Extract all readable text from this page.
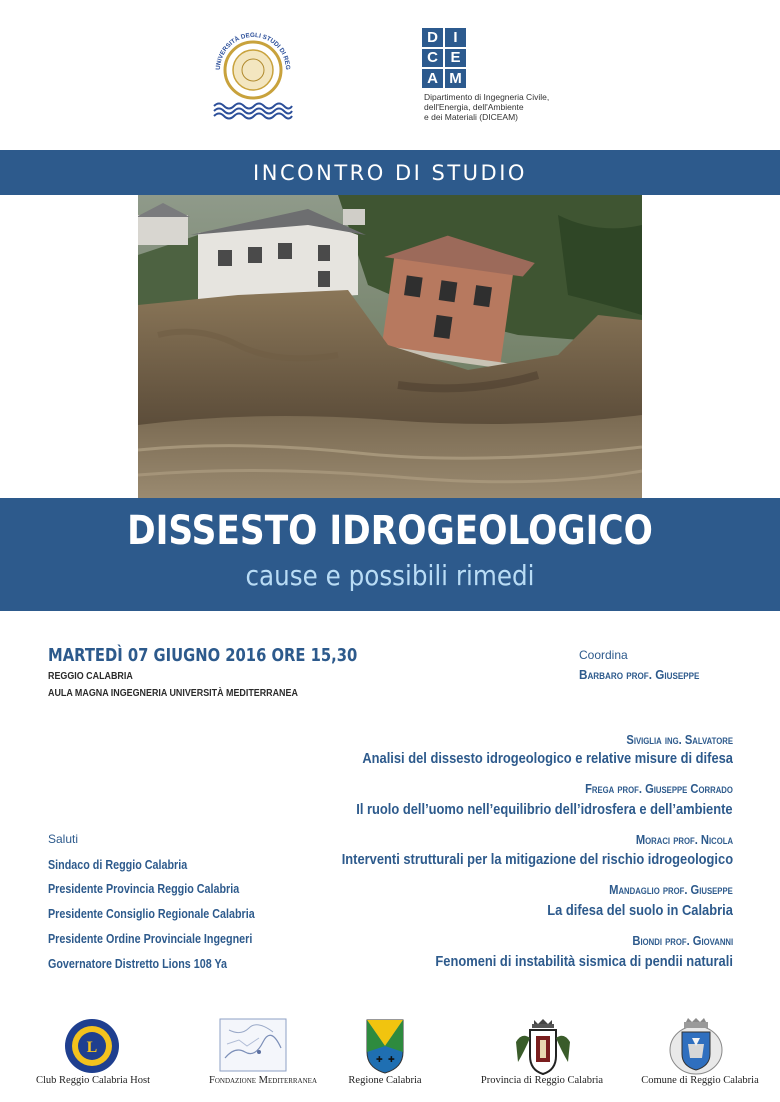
UNIVERSITÀ DEGLI STUDI DI REG
D	I
C E
A M
Dipartimento di Ingegneria Civile,
dell'Energia, dell'Ambiente
e dei Materiali (DICEAM)
INCONTRO DI STUDIO
DISSESTO IDROGEOLOGICO
cause e possibili rimedi
MARTEDÌ 07 GIUGNO 2016 ORE 15,30
REGGIO CALABRIA
AULA MAGNA INGEGNERIA UNIVERSITÀ MEDITERRANEA
Coordina
Barbaro prof. Giuseppe
Siviglia ing. Salvatore
Analisi del dissesto idrogeologico e relative misure di difesa
Frega prof. Giuseppe Corrado
Il ruolo dell’uomo nell’equilibrio dell’idrosfera e dell’ambiente
Moraci prof. Nicola
Interventi strutturali per la mitigazione del rischio idrogeologico
Mandaglio prof. Giuseppe
La difesa del suolo in Calabria
Biondi prof. Giovanni
Fenomeni di instabilità sismica di pendii naturali
Saluti
Sindaco di Reggio Calabria
Presidente Provincia Reggio Calabria
Presidente Consiglio Regionale Calabria
Presidente Ordine Provinciale Ingegneri
Governatore Distretto Lions 108 Ya
L
Club Reggio Calabria Host	Fondazione Mediterranea
✚ ✚
Regione Calabria	Provincia di Reggio Calabria	Comune di Reggio Calabria
